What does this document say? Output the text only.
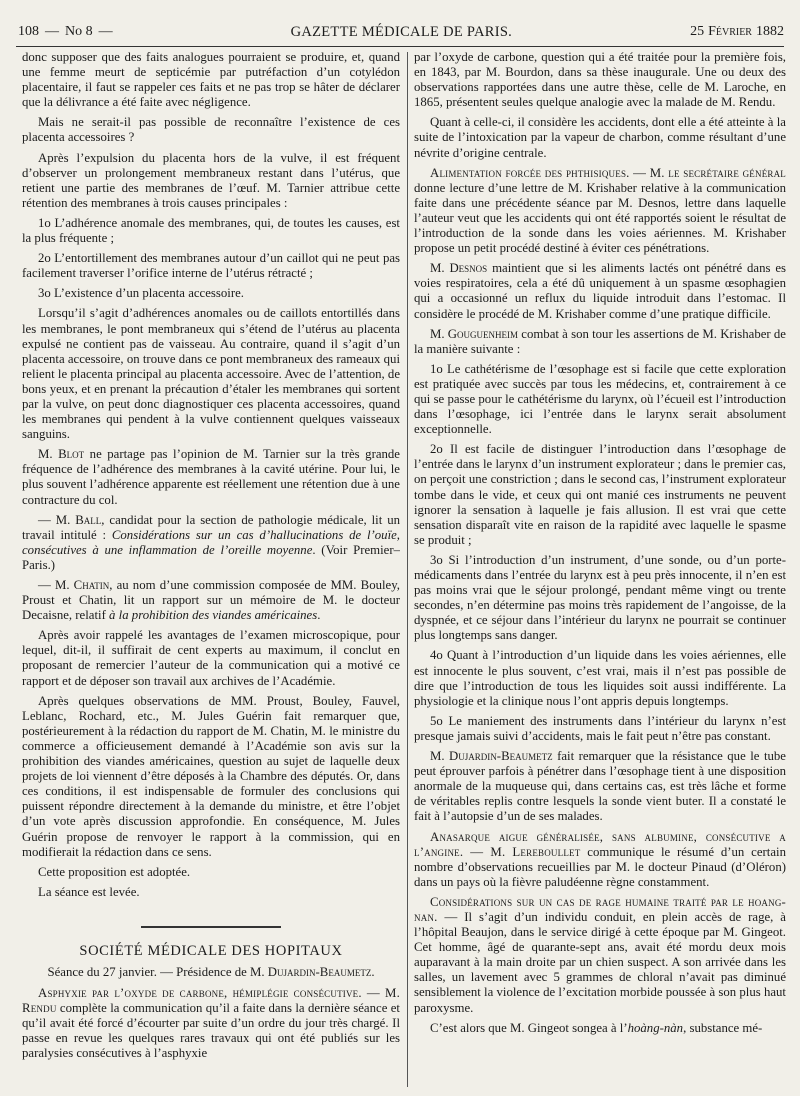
108 — No 8 —	GAZETTE MÉDICALE DE PARIS.	25 Février 1882

donc supposer que des faits analogues pourraient se produire, et, quand une femme meurt de septicémie par putréfaction d’un cotylédon placentaire, il faut se rappeler ces faits et ne pas trop se hâter de déclarer que la délivrance a été faite avec négligence.

Mais ne serait-il pas possible de reconnaître l’existence de ces placenta accessoires ?

Après l’expulsion du placenta hors de la vulve, il est fréquent d’observer un prolongement membraneux restant dans l’utérus, que retient une partie des membranes de l’œuf. M. Tarnier attribue cette rétention des membranes à trois causes principales :

1o L’adhérence anomale des membranes, qui, de toutes les causes, est la plus fréquente ;

2o L’entortillement des membranes autour d’un caillot qui ne peut pas facilement traverser l’orifice interne de l’utérus rétracté ;

3o L’existence d’un placenta accessoire.

Lorsqu’il s’agit d’adhérences anomales ou de caillots entortillés dans les membranes, le pont membraneux qui s’étend de l’utérus au placenta expulsé ne contient pas de vaisseau. Au contraire, quand il s’agit d’un placenta accessoire, on trouve dans ce pont membraneux des rameaux qui relient le placenta principal au placenta accessoire. Avec de l’attention, de bons yeux, et en prenant la précaution d’étaler les membranes qui sortent par la vulve, on peut donc diagnostiquer ces placenta accessoires, quand les membranes qui pendent à la vulve contiennent quelques vaisseaux sanguins.

M. Blot ne partage pas l’opinion de M. Tarnier sur la très grande fréquence de l’adhérence des membranes à la cavité utérine. Pour lui, le plus souvent l’adhérence apparente est réellement une rétention due à une contracture du col.

— M. Ball, candidat pour la section de pathologie médicale, lit un travail intitulé : Considérations sur un cas d’hallucinations de l’ouïe, consécutives à une inflammation de l’oreille moyenne. (Voir Premier–Paris.)

— M. Chatin, au nom d’une commission composée de MM. Bouley, Proust et Chatin, lit un rapport sur un mémoire de M. le docteur Decaisne, relatif à la prohibition des viandes américaines.

Après avoir rappelé les avantages de l’examen microscopique, pour lequel, dit-il, il suffirait de cent experts au maximum, il conclut en proposant de remercier l’auteur de la communication qui a motivé ce rapport et de déposer son travail aux archives de l’Académie.

Après quelques observations de MM. Proust, Bouley, Fauvel, Leblanc, Rochard, etc., M. Jules Guérin fait remarquer que, postérieurement à la rédaction du rapport de M. Chatin, M. le ministre du commerce a officieusement demandé à l’Académie son avis sur la prohibition des viandes américaines, question au sujet de laquelle deux projets de loi viennent d’être déposés à la Chambre des députés. Or, dans ces conditions, il est indispensable de formuler des conclusions qui puissent répondre directement à la demande du ministre, et être l’objet d’un vote après discussion approfondie. En conséquence, M. Jules Guérin propose de renvoyer le rapport à la commission, qui en modifierait la rédaction dans ce sens.

Cette proposition est adoptée.

La séance est levée.

SOCIÉTÉ MÉDICALE DES HOPITAUX

Séance du 27 janvier. — Présidence de M. Dujardin-Beaumetz.

Asphyxie par l’oxyde de carbone, hémiplégie consécutive. — M. Rendu complète la communication qu’il a faite dans la dernière séance et qu’il avait été forcé d’écourter par suite d’un ordre du jour très chargé. Il passe en revue les quelques rares travaux qui ont été publiés sur les paralysies consécutives à l’asphyxie

par l’oxyde de carbone, question qui a été traitée pour la première fois, en 1843, par M. Bourdon, dans sa thèse inaugurale. Une ou deux des observations rapportées dans une autre thèse, celle de M. Laroche, en 1865, présentent seules quelque analogie avec la malade de M. Rendu.

Quant à celle-ci, il considère les accidents, dont elle a été atteinte à la suite de l’intoxication par la vapeur de charbon, comme résultant d’une névrite d’origine centrale.

Alimentation forcée des phthisiques. — M. le secrétaire général donne lecture d’une lettre de M. Krishaber relative à la communication faite dans une précédente séance par M. Desnos, lettre dans laquelle l’auteur veut que les accidents qui ont été rapportés soient le résultat de l’introduction de la sonde dans les voies aériennes. M. Krishaber propose un petit procédé destiné à éviter ces pénétrations.

M. Desnos maintient que si les aliments lactés ont pénétré dans es voies respiratoires, cela a été dû uniquement à un spasme œsophagien qui a occasionné un reflux du liquide introduit dans l’estomac. Il considère le procédé de M. Krishaber comme d’une pratique difficile.

M. Gouguenheim combat à son tour les assertions de M. Krishaber de la manière suivante :

1o Le cathétérisme de l’œsophage est si facile que cette exploration est pratiquée avec succès par tous les médecins, et, contrairement à ce qui se passe pour le cathétérisme du larynx, où l’écueil est l’introduction dans l’œsophage, ici l’entrée dans le larynx serait absolument exceptionnelle.

2o Il est facile de distinguer l’introduction dans l’œsophage de l’entrée dans le larynx d’un instrument explorateur ; dans le premier cas, on perçoit une constriction ; dans le second cas, l’instrument explorateur tombe dans le vide, et ceux qui ont manié ces instruments ne peuvent ignorer la sensation à laquelle je fais allusion. Il est vrai que cette sensation disparaît vite en raison de la rapidité avec laquelle le spasme se produit ;

3o Si l’introduction d’un instrument, d’une sonde, ou d’un porte-médicaments dans l’entrée du larynx est à peu près innocente, il n’en est pas moins vrai que le séjour prolongé, pendant même vingt ou trente secondes, n’en détermine pas moins très rapidement de l’angoisse, de la dyspnée, et ce séjour dans l’intérieur du larynx ne pourrait se continuer plus longtemps sans danger.

4o Quant à l’introduction d’un liquide dans les voies aériennes, elle est innocente le plus souvent, c’est vrai, mais il n’est pas possible de dire que l’introduction de tous les liquides soit aussi indifférente. La physiologie et la clinique nous l’ont appris depuis longtemps.

5o Le maniement des instruments dans l’intérieur du larynx n’est presque jamais suivi d’accidents, mais le fait peut n’être pas constant.

M. Dujardin-Beaumetz fait remarquer que la résistance que le tube peut éprouver parfois à pénétrer dans l’œsophage tient à une disposition anormale de la muqueuse qui, dans certains cas, est très lâche et forme de véritables replis contre lesquels la sonde vient buter. Il a constaté le fait à l’autopsie d’un de ses malades.

Anasarque aigue généralisée, sans albumine, consécutive a l’angine. — M. Lereboullet communique le résumé d’un certain nombre d’observations recueillies par M. le docteur Pinaud (d’Oléron) dans un pays où la fièvre paludéenne règne constamment.

Considérations sur un cas de rage humaine traité par le hoang-nan. — Il s’agit d’un individu conduit, en plein accès de rage, à l’hôpital Beaujon, dans le service dirigé à cette époque par M. Gingeot. Cet homme, âgé de quarante-sept ans, avait été mordu deux mois auparavant à la main droite par un chien suspect. A son arrivée dans les salles, un lavement avec 5 grammes de chloral n’avait pas diminué sensiblement la violence de l’excitation morbide poussée à son plus haut paroxysme.

C’est alors que M. Gingeot songea à l’hoàng-nàn, substance mé-
